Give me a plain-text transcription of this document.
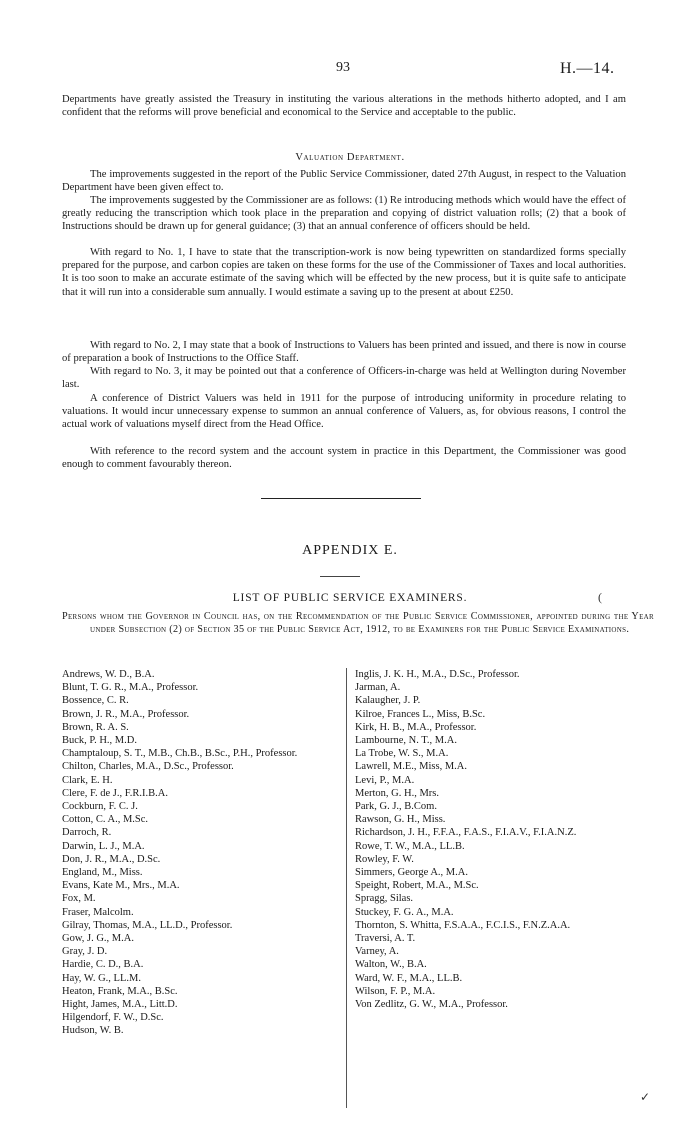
93	H.—14.

Departments have greatly assisted the Treasury in instituting the various alterations in the methods hitherto adopted, and I am confident that the reforms will prove beneficial and economical to the Service and acceptable to the public.

Valuation Department.

The improvements suggested in the report of the Public Service Commissioner, dated 27th August, in respect to the Valuation Department have been given effect to.

The improvements suggested by the Commissioner are as follows: (1) Re introducing methods which would have the effect of greatly reducing the transcription which took place in the preparation and copying of district valuation rolls; (2) that a book of Instructions should be drawn up for general guidance; (3) that an annual conference of officers should be held.

With regard to No. 1, I have to state that the transcription-work is now being typewritten on standardized forms specially prepared for the purpose, and carbon copies are taken on these forms for the use of the Commissioner of Taxes and local authorities. It is too soon to make an accurate estimate of the saving which will be effected by the new process, but it is quite safe to anticipate that it will run into a considerable sum annually. I would estimate a saving up to the present at about £250.

With regard to No. 2, I may state that a book of Instructions to Valuers has been printed and issued, and there is now in course of preparation a book of Instructions to the Office Staff.

With regard to No. 3, it may be pointed out that a conference of Officers-in-charge was held at Wellington during November last.

A conference of District Valuers was held in 1911 for the purpose of introducing uniformity in procedure relating to valuations. It would incur unnecessary expense to summon an annual conference of Valuers, as, for obvious reasons, I control the actual work of valuations myself direct from the Head Office.

With reference to the record system and the account system in practice in this Department, the Commissioner was good enough to comment favourably thereon.

APPENDIX E.
LIST OF PUBLIC SERVICE EXAMINERS.	(

Persons whom the Governor in Council has, on the Recommendation of the Public Service Commissioner, appointed during the Year under Subsection (2) of Section 35 of the Public Service Act, 1912, to be Examiners for the Public Service Examinations.

Andrews, W. D., B.A.
Blunt, T. G. R., M.A., Professor.
Bossence, C. R.
Brown, J. R., M.A., Professor.
Brown, R. A. S.
Buck, P. H., M.D.
Champtaloup, S. T., M.B., Ch.B., B.Sc., P.H., Professor.
Chilton, Charles, M.A., D.Sc., Professor.
Clark, E. H.
Clere, F. de J., F.R.I.B.A.
Cockburn, F. C. J.
Cotton, C. A., M.Sc.
Darroch, R.
Darwin, L. J., M.A.
Don, J. R., M.A., D.Sc.
England, M., Miss.
Evans, Kate M., Mrs., M.A.
Fox, M.
Fraser, Malcolm.
Gilray, Thomas, M.A., LL.D., Professor.
Gow, J. G., M.A.
Gray, J. D.
Hardie, C. D., B.A.
Hay, W. G., LL.M.
Heaton, Frank, M.A., B.Sc.
Hight, James, M.A., Litt.D.
Hilgendorf, F. W., D.Sc.
Hudson, W. B.
Inglis, J. K. H., M.A., D.Sc., Professor.
Jarman, A.
Kalaugher, J. P.
Kilroe, Frances L., Miss, B.Sc.
Kirk, H. B., M.A., Professor.
Lambourne, N. T., M.A.
La Trobe, W. S., M.A.
Lawrell, M.E., Miss, M.A.
Levi, P., M.A.
Merton, G. H., Mrs.
Park, G. J., B.Com.
Rawson, G. H., Miss.
Richardson, J. H., F.F.A., F.A.S., F.I.A.V., F.I.A.N.Z.
Rowe, T. W., M.A., LL.B.
Rowley, F. W.
Simmers, George A., M.A.
Speight, Robert, M.A., M.Sc.
Spragg, Silas.
Stuckey, F. G. A., M.A.
Thornton, S. Whitta, F.S.A.A., F.C.I.S., F.N.Z.A.A.
Traversi, A. T.
Varney, A.
Walton, W., B.A.
Ward, W. F., M.A., LL.B.
Wilson, F. P., M.A.
Von Zedlitz, G. W., M.A., Professor.
✓
